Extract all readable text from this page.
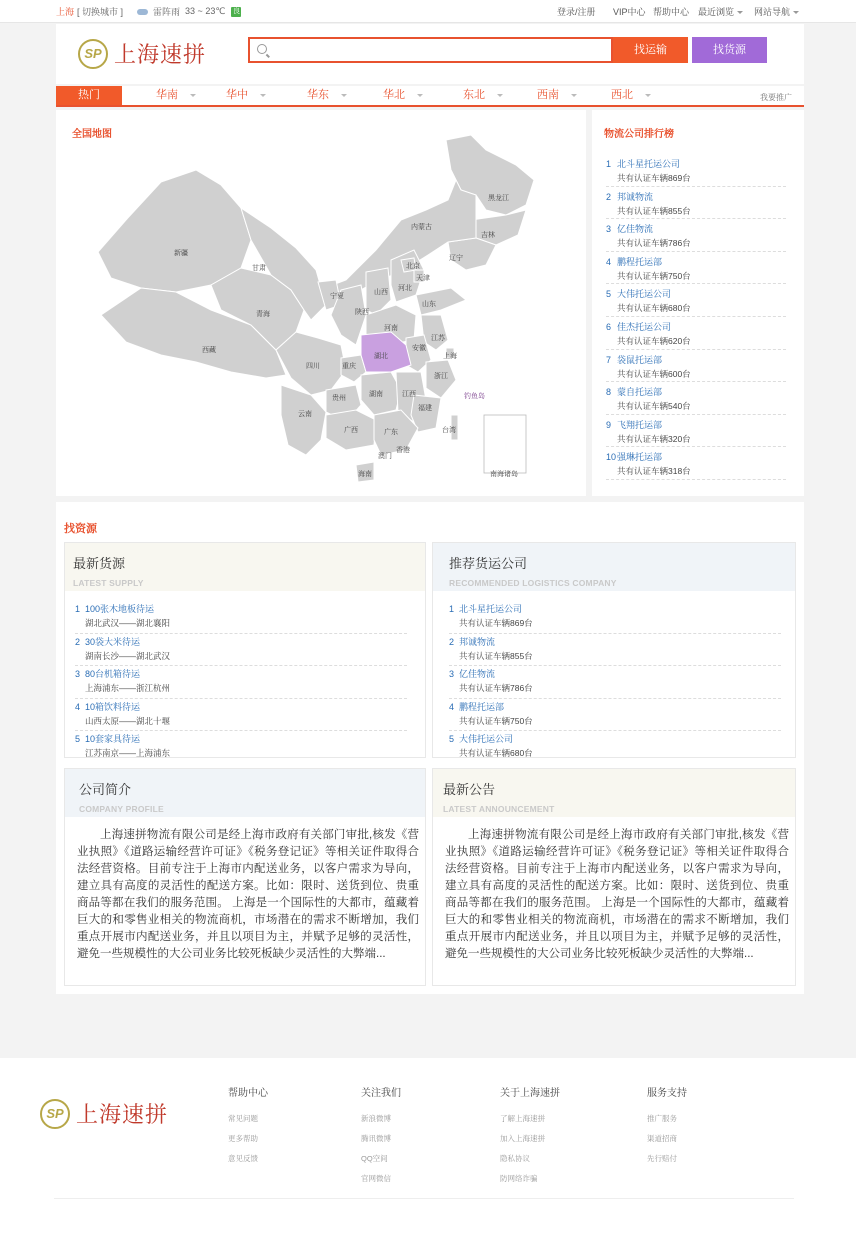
上海 [ 切换城市 ]	雷阵雨 33 ~ 23℃ 良	登录/注册 VIP中心 帮助中心 最近浏览	网站导航
SP 上海速拼	找运输	找货源
热门	华南	华中	华东	华北	东北	西南	西北	我要推广
全国地图
黑龙江
吉林
辽宁
内蒙古
新疆
甘肃
宁夏
北京
天津
河北
山西
山东
陕西
青海
西藏
四川	重庆
湖北
河南
安徽
江苏
上海
浙江
湖南	江西
福建
贵州
云南
广西	广东
香港
澳门
海南
台湾
钓鱼岛
南海诸岛
物流公司排行榜
1 北斗星托运公司
共有认证车辆869台
2 邦诚物流
共有认证车辆855台
3 亿佳物流
共有认证车辆786台
4 鹏程托运部
共有认证车辆750台
5 大伟托运公司
共有认证车辆680台
6 佳杰托运公司
共有认证车辆620台
7 袋鼠托运部
共有认证车辆600台
8 蒙自托运部
共有认证车辆540台
9 飞翔托运部
共有认证车辆320台
10强琳托运部
共有认证车辆318台
找资源
最新货源
LATEST SUPPLY
1 100张木地板待运
湖北武汉——湖北襄阳
2 30袋大米待运
湖南长沙——湖北武汉
3 80台机箱待运
上海浦东——浙江杭州
4 10箱饮料待运
山西太原——湖北十堰
5 10套家具待运
江苏南京——上海浦东
推荐货运公司
RECOMMENDED LOGISTICS COMPANY
1 北斗星托运公司
共有认证车辆869台
2 邦诚物流
共有认证车辆855台
3 亿佳物流
共有认证车辆786台
4 鹏程托运部
共有认证车辆750台
5 大伟托运公司
共有认证车辆680台
公司简介
COMPANY PROFILE
上海速拼物流有限公司是经上海市政府有关部门审批,核发《营业执照》《道路运输经营许可证》《税务登记证》等相关证件取得合法经营资格。目前专注于上海市内配送业务，以客户需求为导向，建立具有高度的灵活性的配送方案。比如：限时、送货到位、贵重商品等都在我们的服务范围。 上海是一个国际性的大都市，蕴藏着巨大的和零售业相关的物流商机，市场潜在的需求不断增加，我们重点开展市内配送业务，并且以项目为主，并赋予足够的灵活性，避免一些规模性的大公司业务比较死板缺少灵活性的大弊端...
最新公告
LATEST ANNOUNCEMENT
上海速拼物流有限公司是经上海市政府有关部门审批,核发《营业执照》《道路运输经营许可证》《税务登记证》等相关证件取得合法经营资格。目前专注于上海市内配送业务，以客户需求为导向，建立具有高度的灵活性的配送方案。比如：限时、送货到位、贵重商品等都在我们的服务范围。 上海是一个国际性的大都市，蕴藏着巨大的和零售业相关的物流商机，市场潜在的需求不断增加，我们重点开展市内配送业务，并且以项目为主，并赋予足够的灵活性，避免一些规模性的大公司业务比较死板缺少灵活性的大弊端...
SP 上海速拼
帮助中心
常见问题
更多帮助
意见反馈
关注我们
新浪微博
腾讯微博
QQ空间
官网微信
关于上海速拼
了解上海速拼
加入上海速拼
隐私协议
防网络诈骗
服务支持
推广服务
渠道招商
先行赔付
